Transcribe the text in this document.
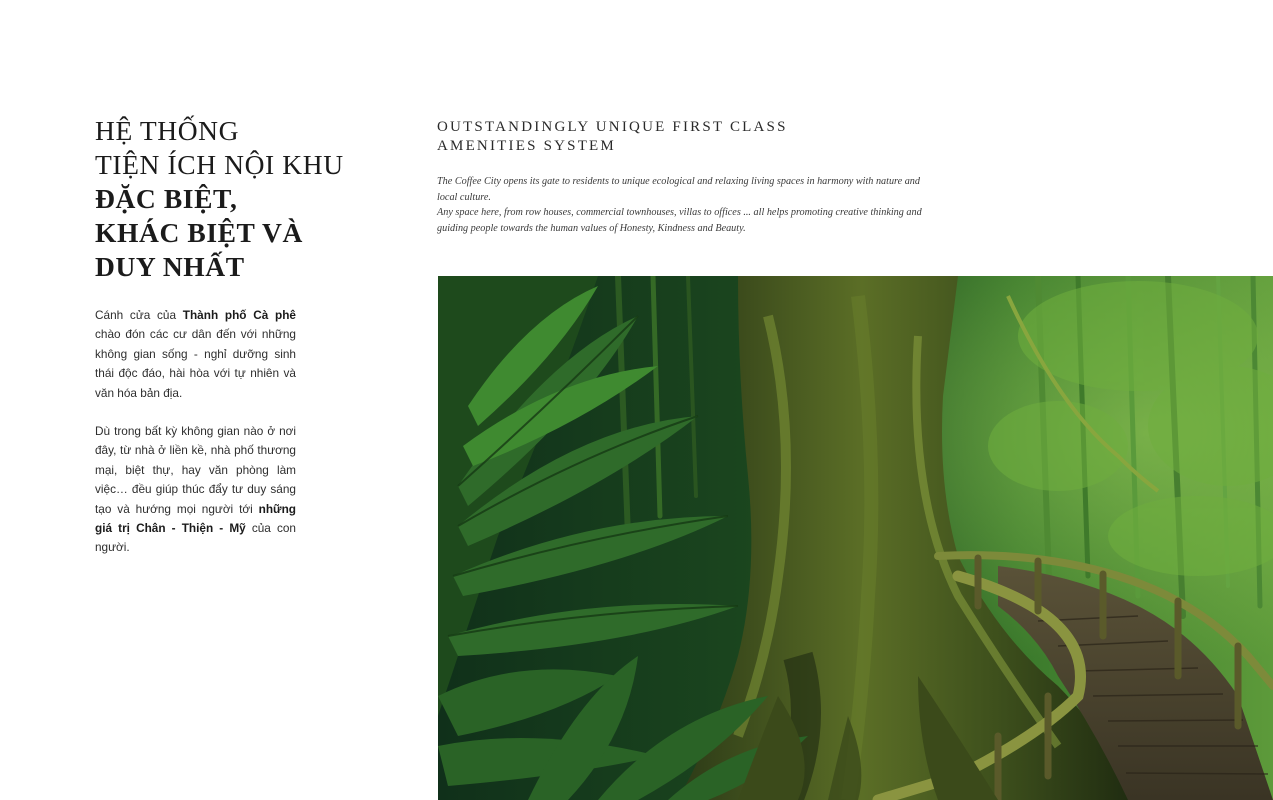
HỆ THỐNG
TIỆN ÍCH NỘI KHU
ĐẶC BIỆT,
KHÁC BIỆT VÀ
DUY NHẤT

Cánh cửa của Thành phố Cà phê chào đón các cư dân đến với những không gian sống - nghỉ dưỡng sinh thái độc đáo, hài hòa với tự nhiên và văn hóa bản địa.

Dù trong bất kỳ không gian nào ở nơi đây, từ nhà ở liền kề, nhà phố thương mại, biệt thự, hay văn phòng làm việc… đều giúp thúc đẩy tư duy sáng tạo và hướng mọi người tới những giá trị Chân - Thiện - Mỹ của con người.

OUTSTANDINGLY UNIQUE FIRST CLASS
AMENITIES SYSTEM

The Coffee City opens its gate to residents to unique ecological and relaxing living spaces in harmony with nature and local culture.

Any space here, from row houses, commercial townhouses, villas to offices ... all helps promoting creative thinking and guiding people towards the human values of Honesty, Kindness and Beauty.
